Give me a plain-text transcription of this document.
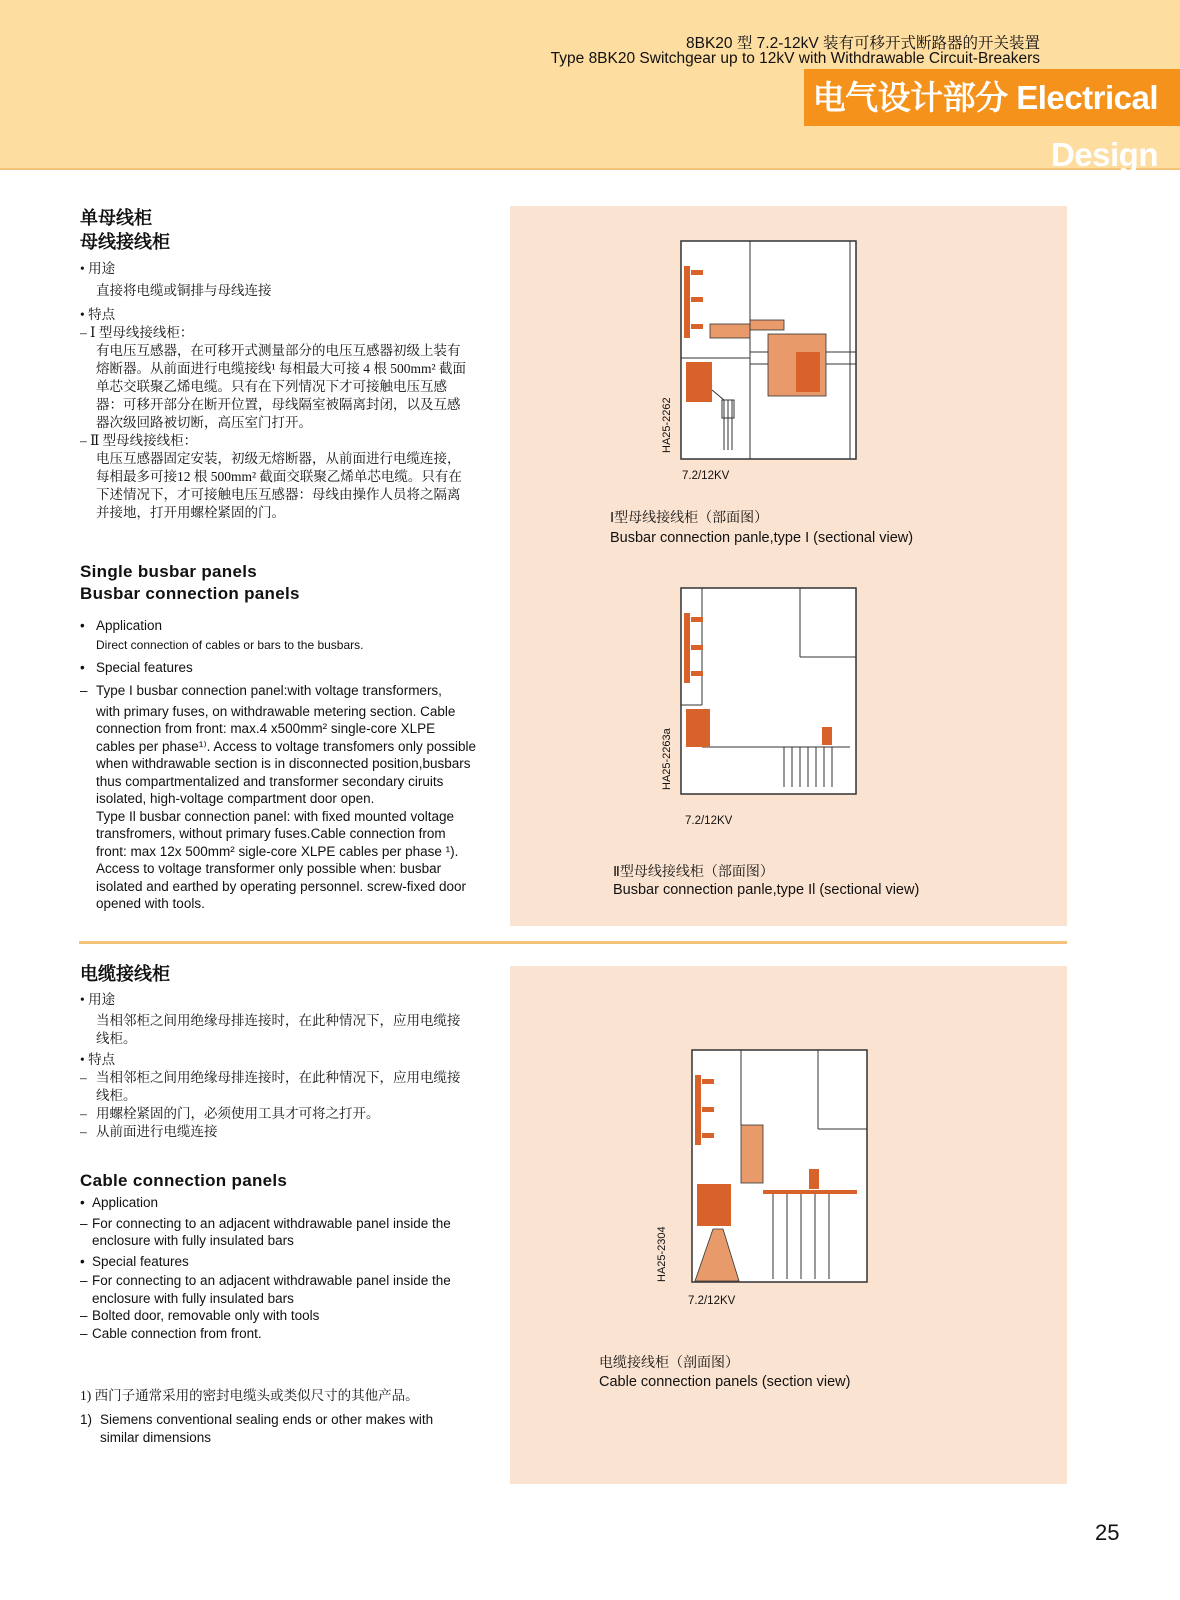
8BK20 型 7.2-12kV 装有可移开式断路器的开关装置
Type 8BK20 Switchgear up to 12kV with Withdrawable Circuit-Breakers
电气设计部分 Electrical Design
单母线柜
母线接线柜
• 用途
直接将电缆或铜排与母线连接
• 特点
– Ⅰ 型母线接线柜：
有电压互感器，在可移开式测量部分的电压互感器初级上装有熔断器。从前面进行电缆接线¹ 每相最大可接 4 根 500mm² 截面单芯交联聚乙烯电缆。只有在下列情况下才可接触电压互感器：可移开部分在断开位置，母线隔室被隔离封闭，以及互感器次级回路被切断，高压室门打开。
– Ⅱ 型母线接线柜：
电压互感器固定安装，初级无熔断器，从前面进行电缆连接，每相最多可接12 根 500mm² 截面交联聚乙烯单芯电缆。只有在下述情况下，才可接触电压互感器：母线由操作人员将之隔离并接地，打开用螺栓紧固的门。
Single busbar panels
Busbar connection panels
• Application
Direct connection of cables or bars to the busbars.
• Special features
– Type I busbar connection panel:with voltage transformers,
with primary fuses, on withdrawable metering section. Cable connection from front: max.4 x500mm² single-core XLPE cables per phase¹⁾. Access to voltage transfomers only possible when withdrawable section is in disconnected position,busbars thus compartmentalized and transformer secondary ciruits isolated, high-voltage compartment door open.
Type Il busbar connection panel: with fixed mounted voltage transfromers, without primary fuses.Cable connection from front: max 12x 500mm² sigle-core XLPE cables per phase ¹). Access to voltage transformer only possible when: busbar isolated and earthed by operating personnel. screw-fixed door opened with tools.
HA25-2262
7.2/12KV
Ⅰ型母线接线柜（部面图）
Busbar connection panle,type I (sectional view)
HA25-2263a
7.2/12KV
Ⅱ型母线接线柜（部面图）
Busbar connection panle,type Il (sectional view)
电缆接线柜
• 用途
当相邻柜之间用绝缘母排连接时，在此种情况下，应用电缆接线柜。
• 特点
– 当相邻柜之间用绝缘母排连接时，在此种情况下，应用电缆接线柜。
– 用螺栓紧固的门，必须使用工具才可将之打开。
– 从前面进行电缆连接
Cable connection panels
• Application
– For connecting to an adjacent withdrawable panel inside the enclosure with fully insulated bars
• Special features
– For connecting to an adjacent withdrawable panel inside the enclosure with fully insulated bars
– Bolted door, removable only with tools
– Cable connection from front.
1) 西门子通常采用的密封电缆头或类似尺寸的其他产品。
1) Siemens conventional sealing ends or other makes with similar dimensions
HA25-2304
7.2/12KV
电缆接线柜（剖面图）
Cable connection panels (section view)
25
